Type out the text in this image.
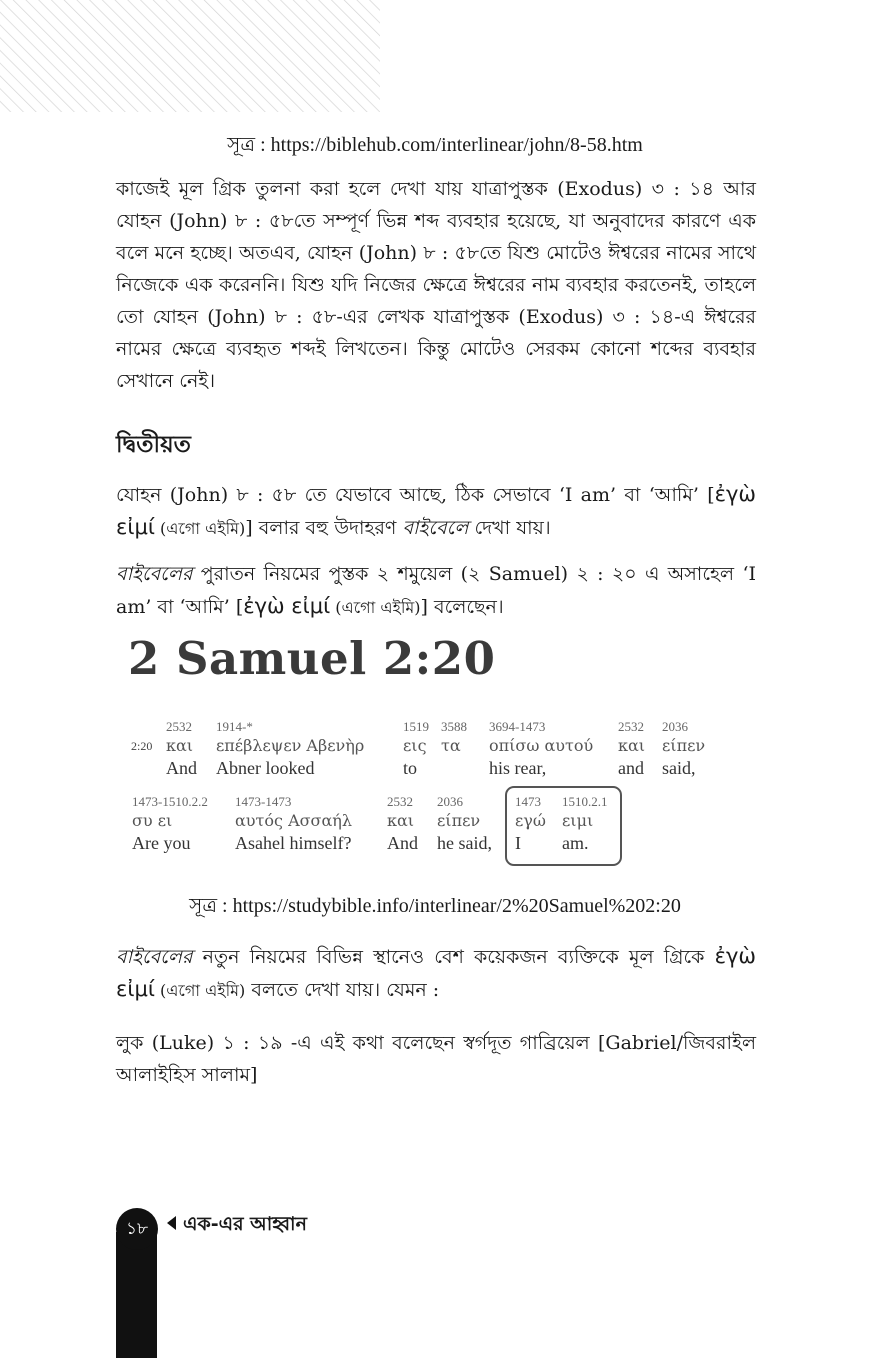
সূত্র : https://biblehub.com/interlinear/john/8-58.htm
কাজেই মূল গ্রিক তুলনা করা হলে দেখা যায় যাত্রাপুস্তক (Exodus) ৩ : ১৪ আর যোহন (John) ৮ : ৫৮তে সম্পূর্ণ ভিন্ন শব্দ ব্যবহার হয়েছে, যা অনুবাদের কারণে এক বলে মনে হচ্ছে। অতএব, যোহন (John) ৮ : ৫৮তে যিশু মোটেও ঈশ্বরের নামের সাথে নিজেকে এক করেননি। যিশু যদি নিজের ক্ষেত্রে ঈশ্বরের নাম ব্যবহার করতেনই, তাহলে তো যোহন (John) ৮ : ৫৮-এর লেখক যাত্রাপুস্তক (Exodus) ৩ : ১৪-এ ঈশ্বরের নামের ক্ষেত্রে ব্যবহৃত শব্দই লিখতেন। কিন্তু মোটেও সেরকম কোনো শব্দের ব্যবহার সেখানে নেই।
দ্বিতীয়ত
যোহন (John) ৮ : ৫৮ তে যেভাবে আছে, ঠিক সেভাবে ‘I am’ বা ‘আমি’ [ἐγὼ εἰμί (এগো এইমি)] বলার বহু উদাহরণ বাইবেলে দেখা যায়।
বাইবেলের পুরাতন নিয়মের পুস্তক ২ শমুয়েল (২ Samuel) ২ : ২০ এ অসাহেল ‘I am’ বা ‘আমি’ [ἐγὼ εἰμί (এগো এইমি)] বলেছেন।
2 Samuel 2:20
2:20
2532
και
And
1914-*
επέβλεψεν Αβενὴρ
Abner looked
1519
εις
to
3588
τα
3694-1473
οπίσω αυτού
his rear,
2532
και
and
2036
είπεν
said,
1473-1510.2.2
συ ει
Are you
1473-1473
αυτός Ασσαήλ
Asahel himself?
2532
και
And
2036
είπεν
he said,
1473
εγώ
I
1510.2.1
ειμι
am.
সূত্র : https://studybible.info/interlinear/2%20Samuel%202:20
বাইবেলের নতুন নিয়মের বিভিন্ন স্থানেও বেশ কয়েকজন ব্যক্তিকে মূল গ্রিকে ἐγὼ εἰμί (এগো এইমি) বলতে দেখা যায়। যেমন :
লুক (Luke) ১ : ১৯ -এ এই কথা বলেছেন স্বর্গদূত গাব্রিয়েল [Gabriel/জিবরাইল আলাইহিস সালাম]
১৮	এক-এর আহ্বান
